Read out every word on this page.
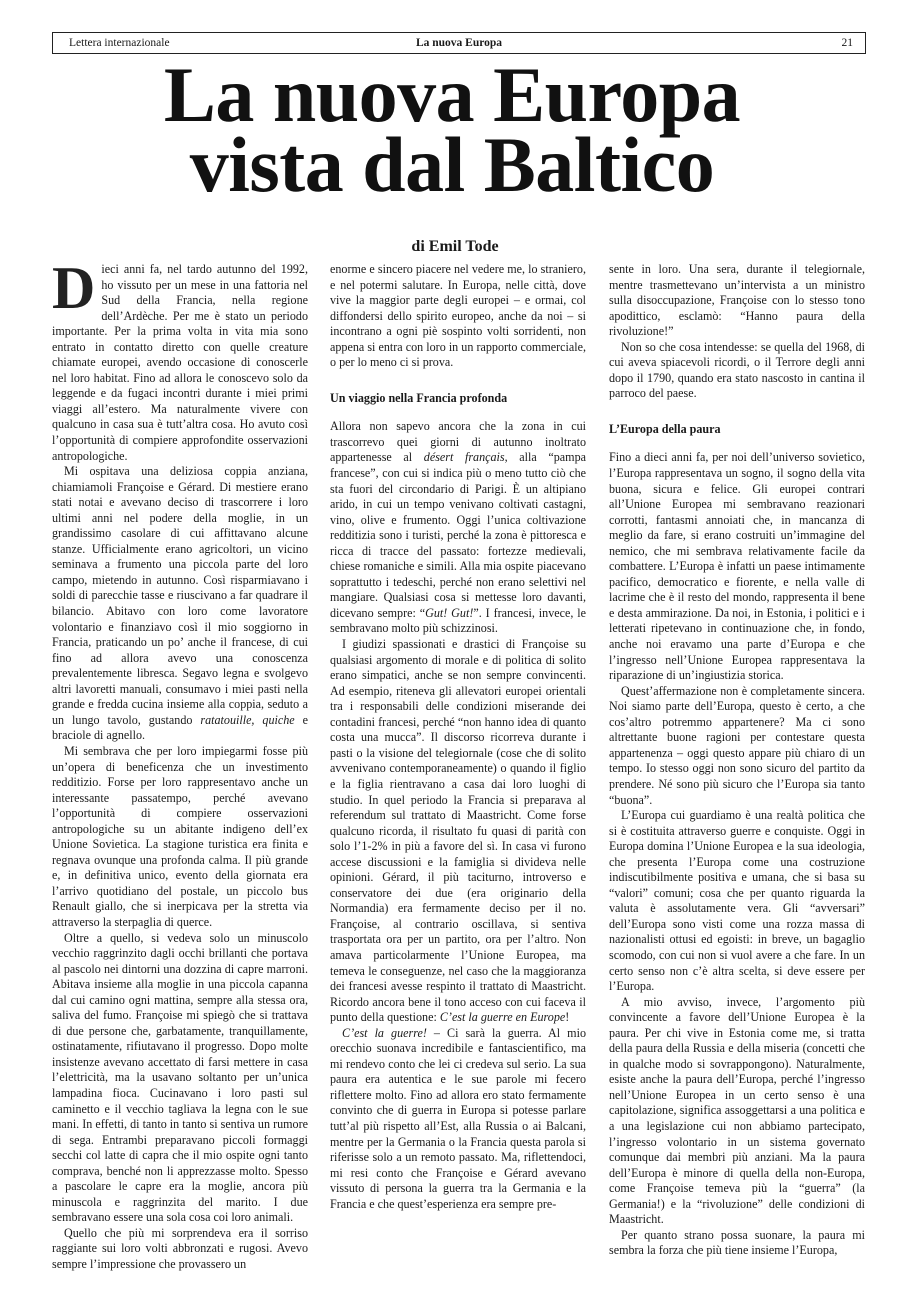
Lettera internazionale	La nuova Europa	21
La nuova Europa
vista dal Baltico

di Emil Tode

Dieci anni fa, nel tardo autunno del 1992, ho vissuto per un mese in una fattoria nel Sud della Francia, nella regione dell’Ardèche. Per me è stato un periodo importante. Per la prima volta in vita mia sono entrato in contatto diretto con quelle creature chiamate europei, avendo occasione di conoscerle nel loro habitat. Fino ad allora le conoscevo solo da leggende e da fugaci incontri durante i miei primi viaggi all’estero. Ma naturalmente vivere con qualcuno in casa sua è tutt’altra cosa. Ho avuto così l’opportunità di compiere approfondite osservazioni antropologiche.

Mi ospitava una deliziosa coppia anziana, chiamiamoli Françoise e Gérard. Di mestiere erano stati notai e avevano deciso di trascorrere i loro ultimi anni nel podere della moglie, in un grandissimo casolare di cui affittavano alcune stanze. Ufficialmente erano agricoltori, un vicino seminava a frumento una piccola parte del loro campo, mietendo in autunno. Così risparmiavano i soldi di parecchie tasse e riuscivano a far quadrare il bilancio. Abitavo con loro come lavoratore volontario e finanziavo così il mio soggiorno in Francia, praticando un po’ anche il francese, di cui fino ad allora avevo una conoscenza prevalentemente libresca. Segavo legna e svolgevo altri lavoretti manuali, consumavo i miei pasti nella grande e fredda cucina insieme alla coppia, seduto a un lungo tavolo, gustando ratatouille, quiche e braciole di agnello.

Mi sembrava che per loro impiegarmi fosse più un’opera di beneficenza che un investimento redditizio. Forse per loro rappresentavo anche un interessante passatempo, perché avevano l’opportunità di compiere osservazioni antropologiche su un abitante indigeno dell’ex Unione Sovietica. La stagione turistica era finita e regnava ovunque una profonda calma. Il più grande e, in definitiva unico, evento della giornata era l’arrivo quotidiano del postale, un piccolo bus Renault giallo, che si inerpicava per la stretta via attraverso la sterpaglia di querce.

Oltre a quello, si vedeva solo un minuscolo vecchio raggrinzito dagli occhi brillanti che portava al pascolo nei dintorni una dozzina di capre marroni. Abitava insieme alla moglie in una piccola capanna dal cui camino ogni mattina, sempre alla stessa ora, saliva del fumo. Françoise mi spiegò che si trattava di due persone che, garbatamente, tranquillamente, ostinatamente, rifiutavano il progresso. Dopo molte insistenze avevano accettato di farsi mettere in casa l’elettricità, ma la usavano soltanto per un’unica lampadina fioca. Cucinavano i loro pasti sul caminetto e il vecchio tagliava la legna con le sue mani. In effetti, di tanto in tanto si sentiva un rumore di sega. Entrambi preparavano piccoli formaggi secchi col latte di capra che il mio ospite ogni tanto comprava, benché non li apprezzasse molto. Spesso a pascolare le capre era la moglie, ancora più minuscola e raggrinzita del marito. I due sembravano essere una sola cosa coi loro animali.

Quello che più mi sorprendeva era il sorriso raggiante sui loro volti abbronzati e rugosi. Avevo sempre l’impressione che provassero un

enorme e sincero piacere nel vedere me, lo straniero, e nel potermi salutare. In Europa, nelle città, dove vive la maggior parte degli europei – e ormai, col diffondersi dello spirito europeo, anche da noi – si incontrano a ogni piè sospinto volti sorridenti, non appena si entra con loro in un rapporto commerciale, o per lo meno ci si prova.

Un viaggio nella Francia profonda

Allora non sapevo ancora che la zona in cui trascorrevo quei giorni di autunno inoltrato appartenesse al désert français, alla “pampa francese”, con cui si indica più o meno tutto ciò che sta fuori del circondario di Parigi. È un altipiano arido, in cui un tempo venivano coltivati castagni, vino, olive e frumento. Oggi l’unica coltivazione redditizia sono i turisti, perché la zona è pittoresca e ricca di tracce del passato: fortezze medievali, chiese romaniche e simili. Alla mia ospite piacevano soprattutto i tedeschi, perché non erano selettivi nel mangiare. Qualsiasi cosa si mettesse loro davanti, dicevano sempre: “Gut! Gut!”. I francesi, invece, le sembravano molto più schizzinosi.

I giudizi spassionati e drastici di Françoise su qualsiasi argomento di morale e di politica di solito erano simpatici, anche se non sempre convincenti. Ad esempio, riteneva gli allevatori europei orientali tra i responsabili delle condizioni miserande dei contadini francesi, perché “non hanno idea di quanto costa una mucca”. Il discorso ricorreva durante i pasti o la visione del telegiornale (cose che di solito avvenivano contemporaneamente) o quando il figlio e la figlia rientravano a casa dai loro luoghi di studio. In quel periodo la Francia si preparava al referendum sul trattato di Maastricht. Come forse qualcuno ricorda, il risultato fu quasi di parità con solo l’1-2% in più a favore del sì. In casa vi furono accese discussioni e la famiglia si divideva nelle opinioni. Gérard, il più taciturno, introverso e conservatore dei due (era originario della Normandia) era fermamente deciso per il no. Françoise, al contrario oscillava, si sentiva trasportata ora per un partito, ora per l’altro. Non amava particolarmente l’Unione Europea, ma temeva le conseguenze, nel caso che la maggioranza dei francesi avesse respinto il trattato di Maastricht. Ricordo ancora bene il tono acceso con cui faceva il punto della questione: C’est la guerre en Europe!

C’est la guerre! – Ci sarà la guerra. Al mio orecchio suonava incredibile e fantascientifico, ma mi rendevo conto che lei ci credeva sul serio. La sua paura era autentica e le sue parole mi fecero riflettere molto. Fino ad allora ero stato fermamente convinto che di guerra in Europa si potesse parlare tutt’al più rispetto all’Est, alla Russia o ai Balcani, mentre per la Germania o la Francia questa parola si riferisse solo a un remoto passato. Ma, riflettendoci, mi resi conto che Françoise e Gérard avevano vissuto di persona la guerra tra la Germania e la Francia e che quest’esperienza era sempre pre-

sente in loro. Una sera, durante il telegiornale, mentre trasmettevano un’intervista a un ministro sulla disoccupazione, Françoise con lo stesso tono apodittico, esclamò: “Hanno paura della rivoluzione!”

Non so che cosa intendesse: se quella del 1968, di cui aveva spiacevoli ricordi, o il Terrore degli anni dopo il 1790, quando era stato nascosto in cantina il parroco del paese.

L’Europa della paura

Fino a dieci anni fa, per noi dell’universo sovietico, l’Europa rappresentava un sogno, il sogno della vita buona, sicura e felice. Gli europei contrari all’Unione Europea mi sembravano reazionari corrotti, fantasmi annoiati che, in mancanza di meglio da fare, si erano costruiti un’immagine del nemico, che mi sembrava relativamente facile da combattere. L’Europa è infatti un paese intimamente pacifico, democratico e fiorente, e nella valle di lacrime che è il resto del mondo, rappresenta il bene e desta ammirazione. Da noi, in Estonia, i politici e i letterati ripetevano in continuazione che, in fondo, anche noi eravamo una parte d’Europa e che l’ingresso nell’Unione Europea rappresentava la riparazione di un’ingiustizia storica.

Quest’affermazione non è completamente sincera. Noi siamo parte dell’Europa, questo è certo, a che cos’altro potremmo appartenere? Ma ci sono altrettante buone ragioni per contestare questa appartenenza – oggi questo appare più chiaro di un tempo. Io stesso oggi non sono sicuro del partito da prendere. Né sono più sicuro che l’Europa sia tanto “buona”.

L’Europa cui guardiamo è una realtà politica che si è costituita attraverso guerre e conquiste. Oggi in Europa domina l’Unione Europea e la sua ideologia, che presenta l’Europa come una costruzione indiscutibilmente positiva e umana, che si basa su “valori” comuni; cosa che per quanto riguarda la valuta è assolutamente vera. Gli “avversari” dell’Europa sono visti come una rozza massa di nazionalisti ottusi ed egoisti: in breve, un bagaglio scomodo, con cui non si vuol avere a che fare. In un certo senso non c’è altra scelta, si deve essere per l’Europa.

A mio avviso, invece, l’argomento più convincente a favore dell’Unione Europea è la paura. Per chi vive in Estonia come me, si tratta della paura della Russia e della miseria (concetti che in qualche modo si sovrappongono). Naturalmente, esiste anche la paura dell’Europa, perché l’ingresso nell’Unione Europea in un certo senso è una capitolazione, significa assoggettarsi a una politica e a una legislazione cui non abbiamo partecipato, l’ingresso volontario in un sistema governato comunque dai membri più anziani. Ma la paura dell’Europa è minore di quella della non-Europa, come Françoise temeva più la “guerra” (la Germania!) e la “rivoluzione” delle condizioni di Maastricht.

Per quanto strano possa suonare, la paura mi sembra la forza che più tiene insieme l’Europa,
